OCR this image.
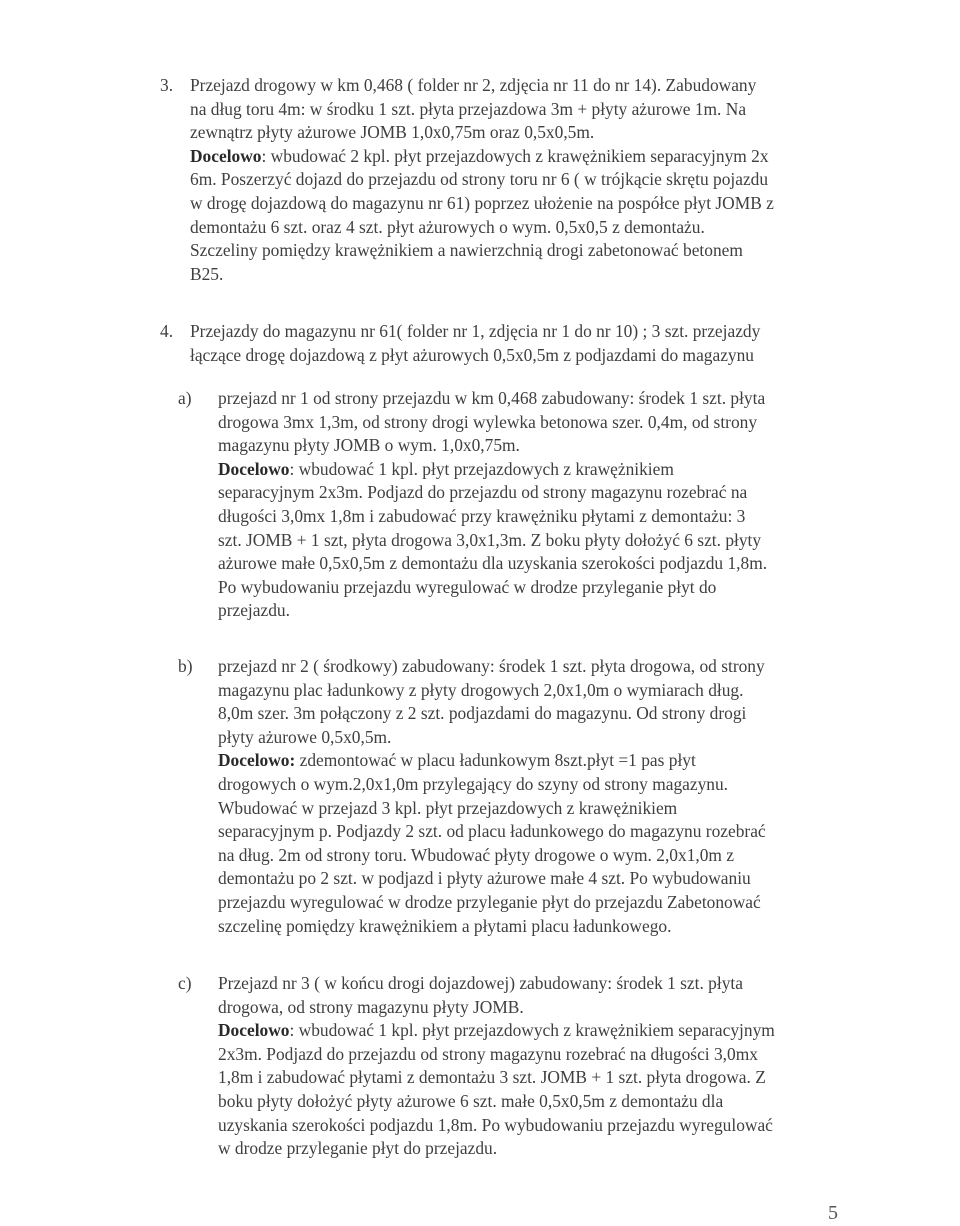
3. Przejazd drogowy w km 0,468 ( folder nr 2, zdjęcia nr 11 do nr 14). Zabudowany
na dług toru 4m: w środku 1 szt. płyta przejazdowa 3m + płyty ażurowe 1m. Na
zewnątrz płyty ażurowe JOMB 1,0x0,75m oraz 0,5x0,5m.
Docelowo: wbudować 2 kpl. płyt przejazdowych z krawężnikiem separacyjnym 2x
6m. Poszerzyć dojazd do przejazdu od strony toru nr 6 ( w trójkącie skrętu pojazdu
w drogę dojazdową do magazynu nr 61) poprzez ułożenie na pospółce płyt JOMB z
demontażu 6 szt. oraz 4 szt. płyt ażurowych o wym. 0,5x0,5 z demontażu.
Szczeliny pomiędzy krawężnikiem a nawierzchnią drogi zabetonować betonem
B25.
4. Przejazdy do magazynu nr 61( folder nr 1, zdjęcia nr 1 do nr 10) ; 3 szt. przejazdy
łączące drogę dojazdową z płyt ażurowych 0,5x0,5m z podjazdami do magazynu
a) przejazd nr 1 od strony przejazdu w km 0,468 zabudowany: środek 1 szt. płyta
drogowa 3mx 1,3m, od strony drogi wylewka betonowa szer. 0,4m, od strony
magazynu płyty JOMB o wym. 1,0x0,75m.
Docelowo: wbudować 1 kpl. płyt przejazdowych z krawężnikiem
separacyjnym 2x3m. Podjazd do przejazdu od strony magazynu rozebrać na
długości 3,0mx 1,8m i zabudować przy krawężniku płytami z demontażu: 3
szt. JOMB + 1 szt, płyta drogowa 3,0x1,3m. Z boku płyty dołożyć 6 szt. płyty
ażurowe małe 0,5x0,5m z demontażu dla uzyskania szerokości podjazdu 1,8m.
Po wybudowaniu przejazdu wyregulować w drodze przyleganie płyt do
przejazdu.
b) przejazd nr 2 ( środkowy) zabudowany: środek 1 szt. płyta drogowa, od strony
magazynu plac ładunkowy z płyty drogowych 2,0x1,0m o wymiarach dług.
8,0m szer. 3m połączony z 2 szt. podjazdami do magazynu. Od strony drogi
płyty ażurowe 0,5x0,5m.
Docelowo: zdemontować w placu ładunkowym 8szt.płyt =1 pas płyt
drogowych o wym.2,0x1,0m przylegający do szyny od strony magazynu.
Wbudować w przejazd 3 kpl. płyt przejazdowych z krawężnikiem
separacyjnym p. Podjazdy 2 szt. od placu ładunkowego do magazynu rozebrać
na dług. 2m od strony toru. Wbudować płyty drogowe o wym. 2,0x1,0m z
demontażu po 2 szt. w podjazd i płyty ażurowe małe 4 szt. Po wybudowaniu
przejazdu wyregulować w drodze przyleganie płyt do przejazdu Zabetonować
szczelinę pomiędzy krawężnikiem a płytami placu ładunkowego.
c) Przejazd nr 3 ( w końcu drogi dojazdowej) zabudowany: środek 1 szt. płyta
drogowa, od strony magazynu płyty JOMB.
Docelowo: wbudować 1 kpl. płyt przejazdowych z krawężnikiem separacyjnym
2x3m. Podjazd do przejazdu od strony magazynu rozebrać na długości 3,0mx
1,8m i zabudować płytami z demontażu 3 szt. JOMB + 1 szt. płyta drogowa. Z
boku płyty dołożyć płyty ażurowe 6 szt. małe 0,5x0,5m z demontażu dla
uzyskania szerokości podjazdu 1,8m. Po wybudowaniu przejazdu wyregulować
w drodze przyleganie płyt do przejazdu.
5
